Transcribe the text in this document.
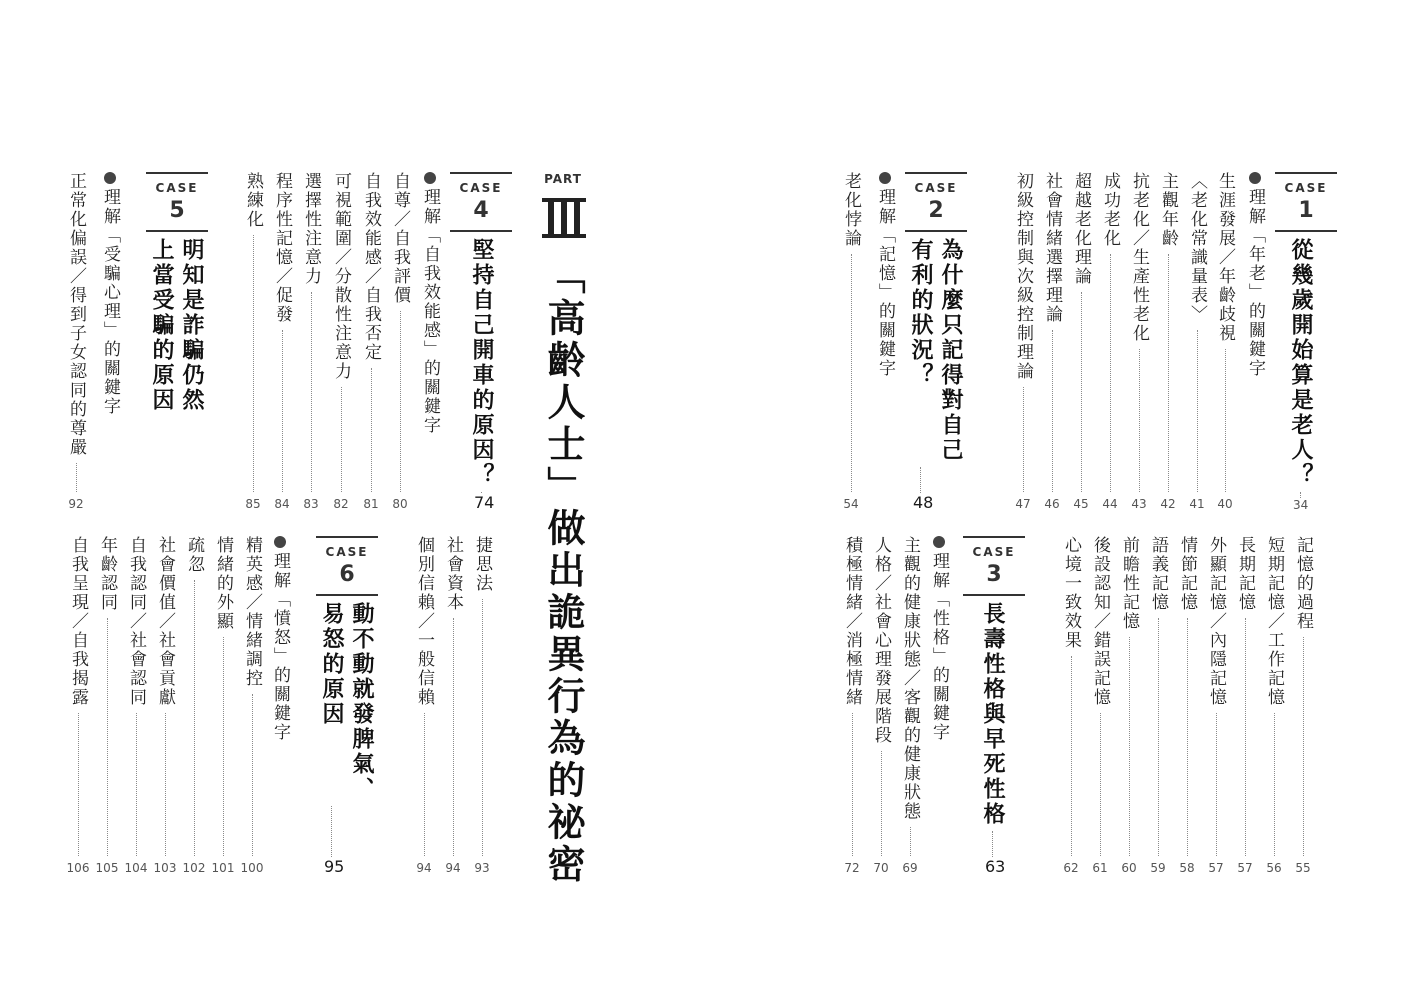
CASE
1
從幾歲開始算是老人？
34
理解「年老」的關鍵字
生涯發展／年齡歧視
40
〈老化常識量表〉
41
主觀年齡
42
抗老化／生產性老化
43
成功老化
44
超越老化理論
45
社會情緒選擇理論
46
初級控制與次級控制理論
47
CASE
2
為什麼只記得對自己
有利的狀況？
48
理解「記憶」的關鍵字
老化悖論
54
記憶的過程
55
短期記憶／工作記憶
56
長期記憶
57
外顯記憶／內隱記憶
57
情節記憶
58
語義記憶
59
前瞻性記憶
60
後設認知／錯誤記憶
61
心境一致效果
62
CASE
3
長壽性格與早死性格
63
理解「性格」的關鍵字
主觀的健康狀態／客觀的健康狀態
69
人格／社會心理發展階段
70
積極情緒／消極情緒
72
PART
「高齡人士」做出詭異行為的祕密
CASE
4
堅持自己開車的原因？
74
理解「自我效能感」的關鍵字
自尊／自我評價
80
自我效能感／自我否定
81
可視範圍／分散性注意力
82
選擇性注意力
83
程序性記憶／促發
84
熟練化
85
CASE
5
明知是詐騙仍然
上當受騙的原因
理解「受騙心理」的關鍵字
正常化偏誤／得到子女認同的尊嚴
92
捷思法
93
社會資本
94
個別信賴／一般信賴
94
CASE
6
動不動就發脾氣、
易怒的原因
95
理解「憤怒」的關鍵字
精英感／情緒調控
100
情緒的外顯
101
疏忽
102
社會價值／社會貢獻
103
自我認同／社會認同
104
年齡認同
105
自我呈現／自我揭露
106
